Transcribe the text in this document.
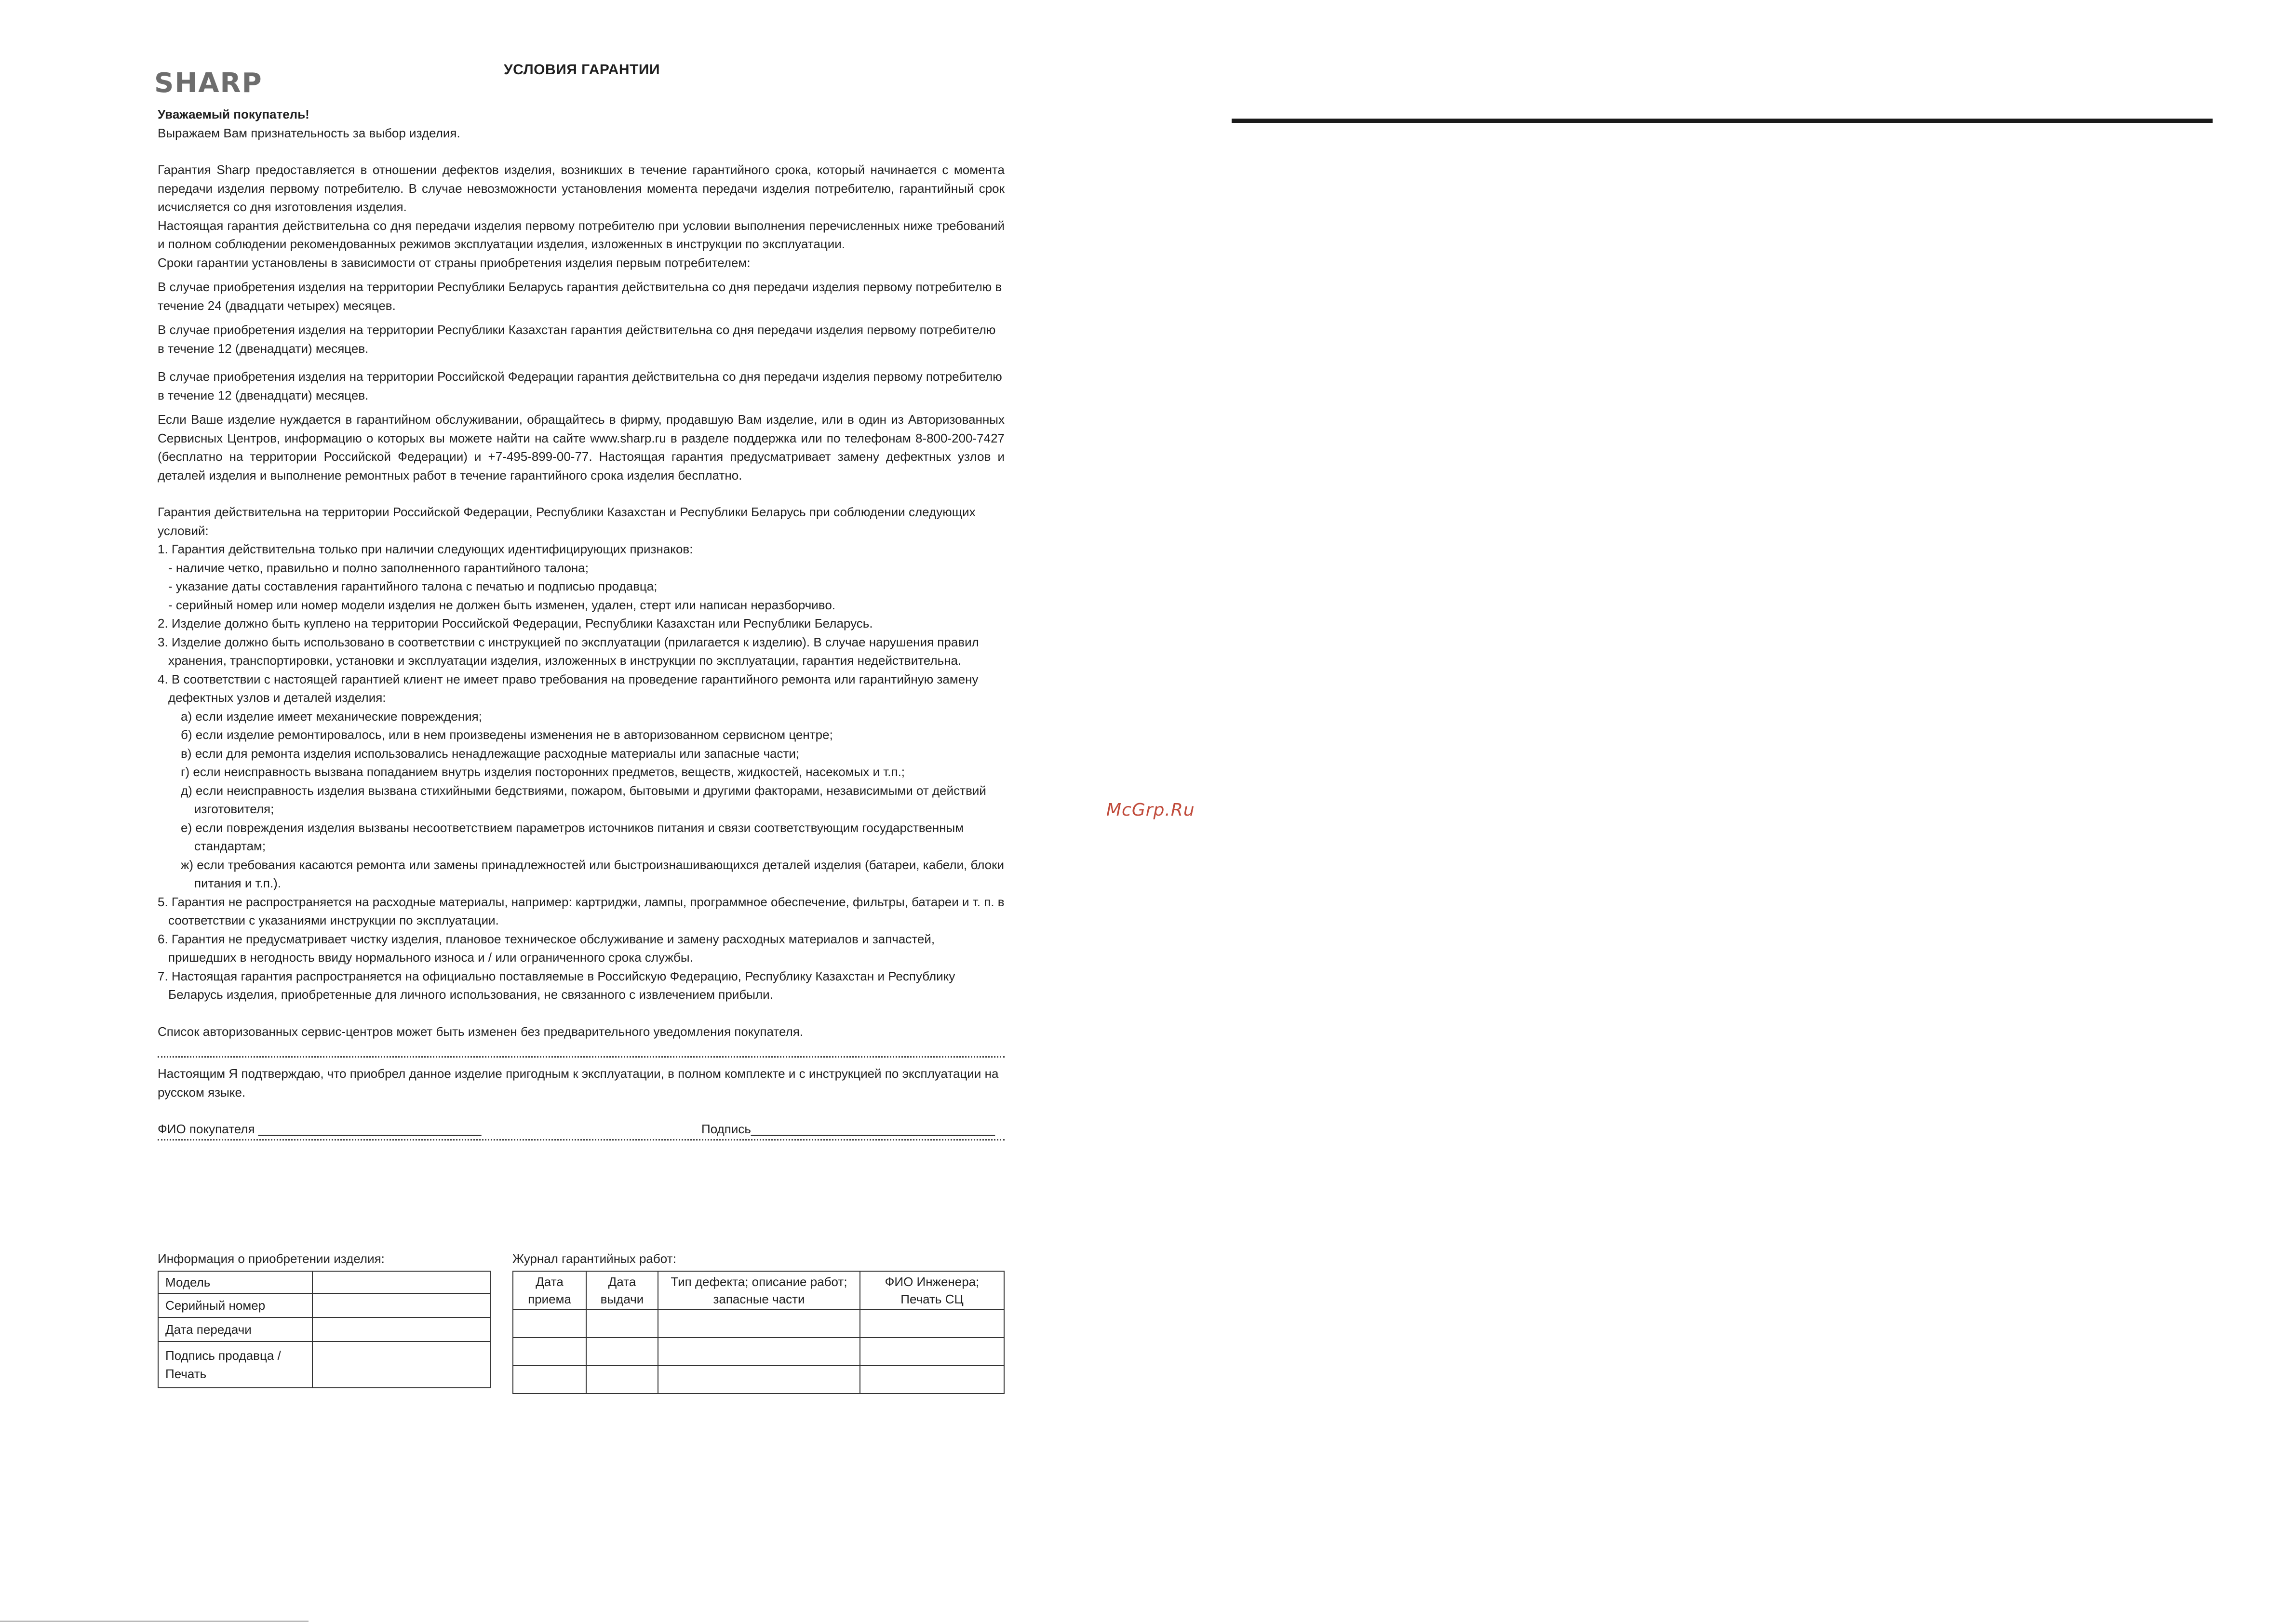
SHARP	УСЛОВИЯ ГАРАНТИИ
McGrp.Ru

Уважаемый покупатель!

Выражаем Вам признательность за выбор изделия.

Гарантия Sharp предоставляется в отношении дефектов изделия, возникших в течение гарантийного срока, который начинается с момента передачи изделия первому потребителю. В случае невозможности установления момента передачи изделия потребителю, гарантийный срок исчисляется со дня изготовления изделия.

Настоящая гарантия действительна со дня передачи изделия первому потребителю при условии выполнения перечисленных ниже требований и полном соблюдении рекомендованных режимов эксплуатации изделия, изложенных в инструкции по эксплуатации.

Сроки гарантии установлены в зависимости от страны приобретения изделия первым потребителем:

В случае приобретения изделия на территории Республики Беларусь гарантия действительна со дня передачи изделия первому потребителю в течение 24 (двадцати четырех) месяцев.

В случае приобретения изделия на территории Республики Казахстан гарантия действительна со дня передачи изделия первому потребителю в течение 12 (двенадцати) месяцев.

В случае приобретения изделия на территории Российской Федерации гарантия действительна со дня передачи изделия первому потребителю в течение 12 (двенадцати) месяцев.

Если Ваше изделие нуждается в гарантийном обслуживании, обращайтесь в фирму, продавшую Вам изделие, или в один из Авторизованных Сервисных Центров, информацию о которых вы можете найти на сайте www.sharp.ru в разделе поддержка или по телефонам 8-800-200-7427 (бесплатно на территории Российской Федерации) и +7-495-899-00-77. Настоящая гарантия предусматривает замену дефектных узлов и деталей изделия и выполнение ремонтных работ в течение гарантийного срока изделия бесплатно.

Гарантия действительна на территории Российской Федерации, Республики Казахстан и Республики Беларусь при соблюдении следующих условий:

1. Гарантия действительна только при наличии следующих идентифицирующих признаков:

- наличие четко, правильно и полно заполненного гарантийного талона;

- указание даты составления гарантийного талона с печатью и подписью продавца;

- серийный номер или номер модели изделия не должен быть изменен, удален, стерт или написан неразборчиво.

2. Изделие должно быть куплено на территории Российской Федерации, Республики Казахстан или Республики Беларусь.

3. Изделие должно быть использовано в соответствии с инструкцией по эксплуатации (прилагается к изделию). В случае нарушения правил хранения, транспортировки, установки и эксплуатации изделия, изложенных в инструкции по эксплуатации, гарантия недействительна.

4. В соответствии с настоящей гарантией клиент не имеет право требования на проведение гарантийного ремонта или гарантийную замену дефектных узлов и деталей изделия:

а) если изделие имеет механические повреждения;

б) если изделие ремонтировалось, или в нем произведены изменения не в авторизованном сервисном центре;

в) если для ремонта изделия использовались ненадлежащие расходные материалы или запасные части;

г) если неисправность вызвана попаданием внутрь изделия посторонних предметов, веществ, жидкостей, насекомых и т.п.;

д) если неисправность изделия вызвана стихийными бедствиями, пожаром, бытовыми и другими факторами, независимыми от действий изготовителя;

е) если повреждения изделия вызваны несоответствием параметров источников питания и связи соответствующим государственным стандартам;

ж) если требования касаются ремонта или замены принадлежностей или быстроизнашивающихся деталей изделия (батареи, кабели, блоки питания и т.п.).

5. Гарантия не распространяется на расходные материалы, например: картриджи, лампы, программное обеспечение, фильтры, батареи и т. п. в соответствии с указаниями инструкции по эксплуатации.

6. Гарантия не предусматривает чистку изделия, плановое техническое обслуживание и замену расходных материалов и запчастей, пришедших в негодность ввиду нормального износа и / или ограниченного срока службы.

7. Настоящая гарантия распространяется на официально поставляемые в Российскую Федерацию, Республику Казахстан и Республику Беларусь изделия, приобретенные для личного использования, не связанного с извлечением прибыли.

Список авторизованных сервис-центров может быть изменен без предварительного уведомления покупателя.

Настоящим Я подтверждаю, что приобрел данное изделие пригодным к эксплуатации, в полном комплекте и с инструкцией по эксплуатации на русском языке.

ФИО покупателя ________________________________	Подпись___________________________________
Информация о приобретении изделия:	Журнал гарантийных работ:
Модель	
Серийный номер	
Дата передачи	
Подпись продавца / Печать	
Дата приема	Дата выдачи	Тип дефекта; описание работ; запасные части	ФИО Инженера; Печать СЦ
